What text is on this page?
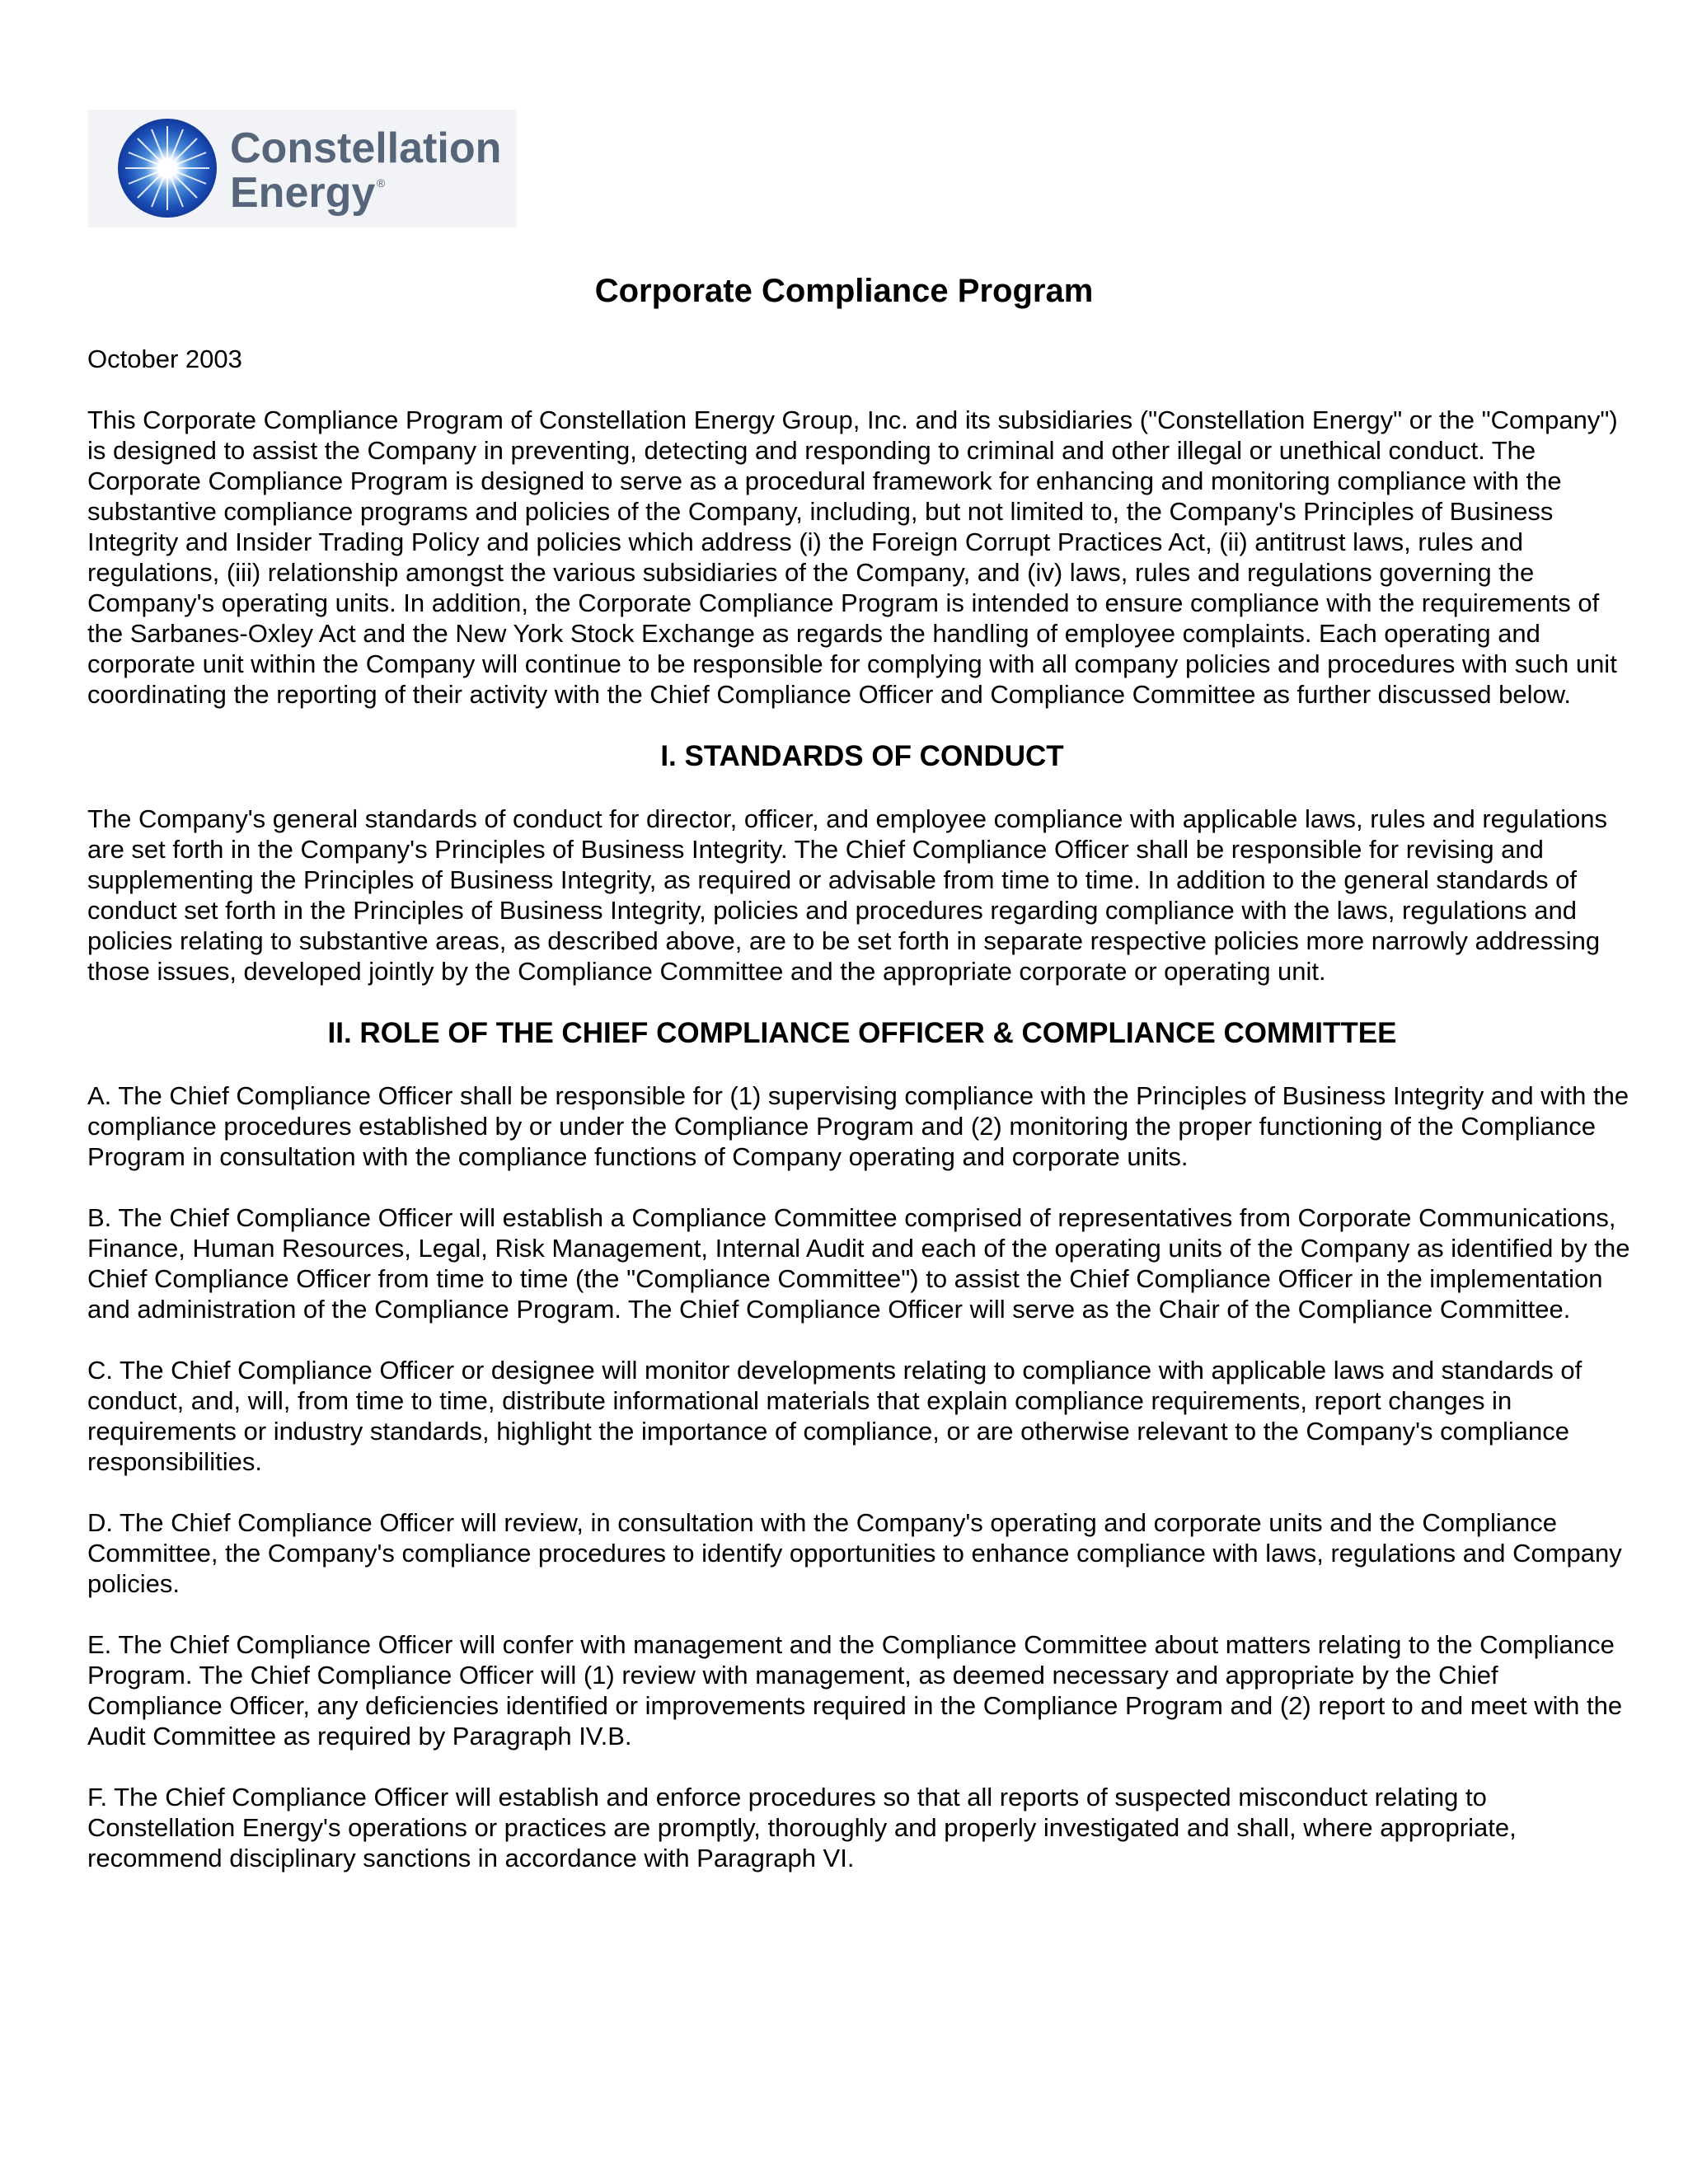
Constellation
Energy ®
Corporate Compliance Program

October 2003

This Corporate Compliance Program of Constellation Energy Group, Inc. and its subsidiaries ("Constellation Energy" or the "Company") is designed to assist the Company in preventing, detecting and responding to criminal and other illegal or unethical conduct. The Corporate Compliance Program is designed to serve as a procedural framework for enhancing and monitoring compliance with the substantive compliance programs and policies of the Company, including, but not limited to, the Company's Principles of Business Integrity and Insider Trading Policy and policies which address (i) the Foreign Corrupt Practices Act, (ii) antitrust laws, rules and regulations, (iii) relationship amongst the various subsidiaries of the Company, and (iv) laws, rules and regulations governing the Company's operating units. In addition, the Corporate Compliance Program is intended to ensure compliance with the requirements of the Sarbanes-Oxley Act and the New York Stock Exchange as regards the handling of employee complaints. Each operating and corporate unit within the Company will continue to be responsible for complying with all company policies and procedures with such unit coordinating the reporting of their activity with the Chief Compliance Officer and Compliance Committee as further discussed below.

I. STANDARDS OF CONDUCT

The Company's general standards of conduct for director, officer, and employee compliance with applicable laws, rules and regulations are set forth in the Company's Principles of Business Integrity. The Chief Compliance Officer shall be responsible for revising and supplementing the Principles of Business Integrity, as required or advisable from time to time. In addition to the general standards of conduct set forth in the Principles of Business Integrity, policies and procedures regarding compliance with the laws, regulations and policies relating to substantive areas, as described above, are to be set forth in separate respective policies more narrowly addressing those issues, developed jointly by the Compliance Committee and the appropriate corporate or operating unit.

II. ROLE OF THE CHIEF COMPLIANCE OFFICER & COMPLIANCE COMMITTEE

A. The Chief Compliance Officer shall be responsible for (1) supervising compliance with the Principles of Business Integrity and with the compliance procedures established by or under the Compliance Program and (2) monitoring the proper functioning of the Compliance Program in consultation with the compliance functions of Company operating and corporate units.

B. The Chief Compliance Officer will establish a Compliance Committee comprised of representatives from Corporate Communications, Finance, Human Resources, Legal, Risk Management, Internal Audit and each of the operating units of the Company as identified by the Chief Compliance Officer from time to time (the "Compliance Committee") to assist the Chief Compliance Officer in the implementation and administration of the Compliance Program. The Chief Compliance Officer will serve as the Chair of the Compliance Committee.

C. The Chief Compliance Officer or designee will monitor developments relating to compliance with applicable laws and standards of conduct, and, will, from time to time, distribute informational materials that explain compliance requirements, report changes in requirements or industry standards, highlight the importance of compliance, or are otherwise relevant to the Company's compliance responsibilities.

D. The Chief Compliance Officer will review, in consultation with the Company's operating and corporate units and the Compliance Committee, the Company's compliance procedures to identify opportunities to enhance compliance with laws, regulations and Company policies.

E. The Chief Compliance Officer will confer with management and the Compliance Committee about matters relating to the Compliance Program. The Chief Compliance Officer will (1) review with management, as deemed necessary and appropriate by the Chief Compliance Officer, any deficiencies identified or improvements required in the Compliance Program and (2) report to and meet with the Audit Committee as required by Paragraph IV.B.

F. The Chief Compliance Officer will establish and enforce procedures so that all reports of suspected misconduct relating to Constellation Energy's operations or practices are promptly, thoroughly and properly investigated and shall, where appropriate, recommend disciplinary sanctions in accordance with Paragraph VI.
